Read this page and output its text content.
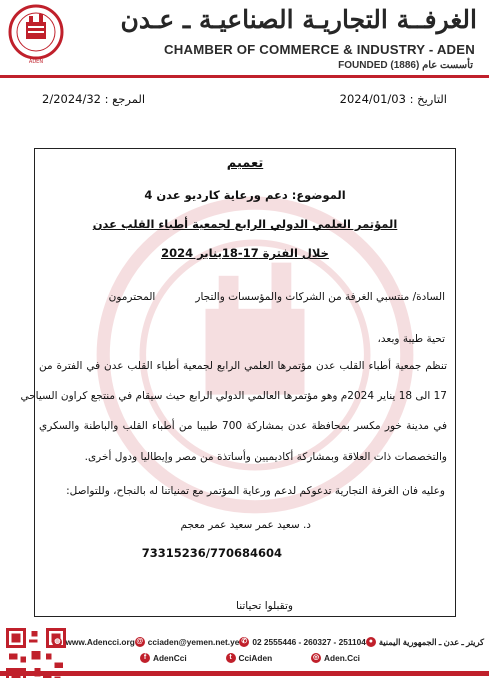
ADEN
الغرفــة التجاريـة الصناعيـة ـ عـدن
CHAMBER OF COMMERCE & INDUSTRY - ADEN
FOUNDED (1886) تأسست عام
التاريخ : 2024/01/03
المرجع : 2/2024/32
تعميم
الموضوع: دعم ورعاية كارديو عدن 4
المؤتمر العلمي الدولي الرابع لجمعية أطباء القلب عدن
خلال الفترة 17-18يناير 2024
السادة/ منتسبي الغرفة من الشركات والمؤسسات والتجار            المحترمون
تحية طيبة وبعد،
تنظم جمعية أطباء القلب عدن مؤتمرها العلمي الرابع لجمعية أطباء القلب عدن في الفترة من
17 الى 18 يناير 2024م وهو مؤتمرها العالمي الدولي الرابع حيث سيقام في منتجع كراون السياحي
في مدينة خور مكسر بمحافظة عدن بمشاركة 700 طبيبا من أطباء القلب والباطنة والسكري
والتخصصات ذات العلاقة وبمشاركة أكاديميين وأساتذة من مصر وإيطاليا ودول أخرى.
وعليه فان الغرفة التجارية تدعوكم لدعم ورعاية المؤتمر مع تمنياتنا له بالنجاح، وللتواصل:
د. سعيد عمر سعيد عمر معجم
73315236/770684604
وتقبلوا تحياتنا
● كريتر ـ عدن ـ الجمهورية اليمنية
✆ 02 2555446 - 260327 - 251104
@ cciaden@yemen.net.ye
◍ www.Adencci.org
f AdenCci	t CciAden	◎ Aden.Cci
